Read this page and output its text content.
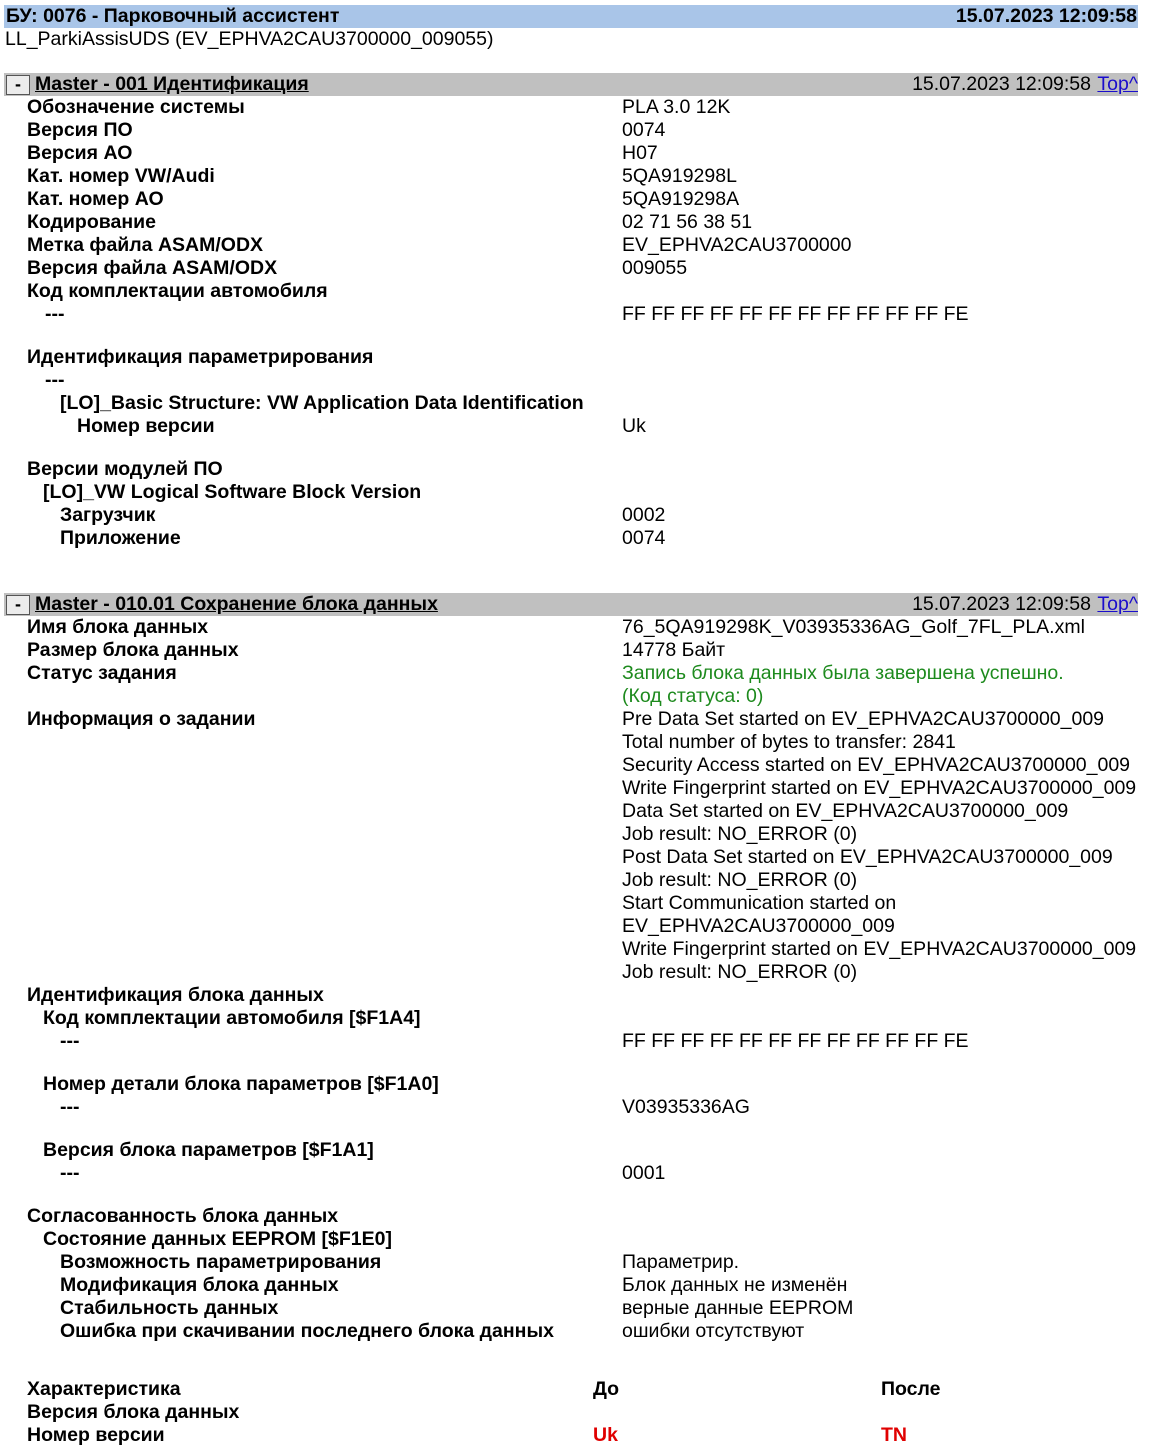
БУ: 0076 - Парковочный ассистент	15.07.2023 12:09:58
LL_ParkiAssisUDS (EV_EPHVA2CAU3700000_009055)
- Master - 001 Идентификация	15.07.2023 12:09:58 Top^
Обозначение системы	PLA 3.0 12K
Версия ПО	0074
Версия АО	H07
Кат. номер VW/Audi	5QA919298L
Кат. номер АО	5QA919298A
Кодирование	02 71 56 38 51
Метка файла ASAM/ODX	EV_EPHVA2CAU3700000
Версия файла ASAM/ODX	009055
Код комплектации автомобиля
---	FF FF FF FF FF FF FF FF FF FF FF FE
Идентификация параметрирования
---
[LO]_Basic Structure: VW Application Data Identification
Номер версии	Uk
Версии модулей ПО
[LO]_VW Logical Software Block Version
Загрузчик	0002
Приложение	0074
- Master - 010.01 Сохранение блока данных	15.07.2023 12:09:58 Top^
Имя блока данных	76_5QA919298K_V03935336AG_Golf_7FL_PLA.xml
Размер блока данных	14778 Байт
Статус задания	Запись блока данных была завершена успешно.
(Код статуса: 0)
Информация о задании	Pre Data Set started on EV_EPHVA2CAU3700000_009
Total number of bytes to transfer: 2841
Security Access started on EV_EPHVA2CAU3700000_009
Write Fingerprint started on EV_EPHVA2CAU3700000_009
Data Set started on EV_EPHVA2CAU3700000_009
Job result: NO_ERROR (0)
Post Data Set started on EV_EPHVA2CAU3700000_009
Job result: NO_ERROR (0)
Start Communication started on
EV_EPHVA2CAU3700000_009
Write Fingerprint started on EV_EPHVA2CAU3700000_009
Job result: NO_ERROR (0)
Идентификация блока данных
Код комплектации автомобиля [$F1A4]
---	FF FF FF FF FF FF FF FF FF FF FF FE
Номер детали блока параметров [$F1A0]
---	V03935336AG
Версия блока параметров [$F1A1]
---	0001
Согласованность блока данных
Состояние данных EEPROM [$F1E0]
Возможность параметрирования	Параметрир.
Модификация блока данных	Блок данных не изменён
Стабильность данных	верные данные EEPROM
Ошибка при скачивании последнего блока данных	ошибки отсутствуют
Характеристика	До	После
Версия блока данных
Номер версии	Uk	TN
